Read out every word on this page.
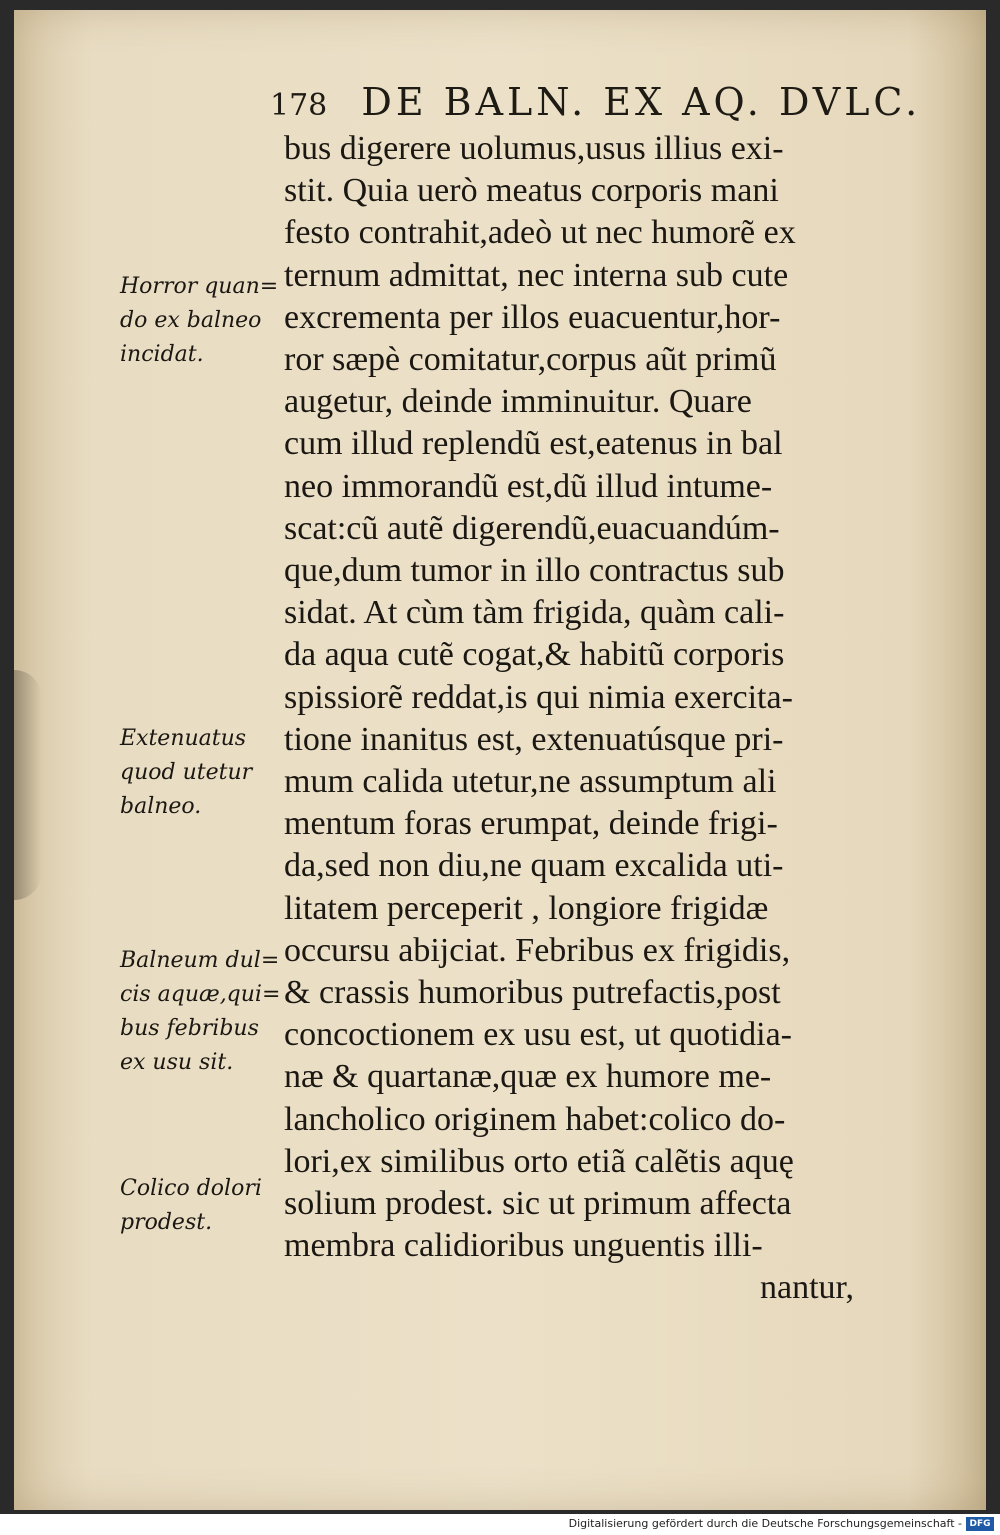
178 DE BALN. EX AQ. DVLC.
bus digerere uolumus,usus illius exi-
stit. Quia uerò meatus corporis mani
festo contrahit,adeò ut nec humorẽ ex
ternum admittat, nec interna sub cute
excrementa per illos euacuentur,hor-
ror sæpè comitatur,corpus aũt primũ
augetur, deinde imminuitur. Quare
cum illud replendũ est,eatenus in bal
neo immorandũ est,dũ illud intume-
scat:cũ autẽ digerendũ,euacuandúm-
que,dum tumor in illo contractus sub
sidat. At cùm tàm frigida, quàm cali-
da aqua cutẽ cogat,& habitũ corporis
spissiorẽ reddat,is qui nimia exercita-
tione inanitus est, extenuatúsque pri-
mum calida utetur,ne assumptum ali
mentum foras erumpat, deinde frigi-
da,sed non diu,ne quam excalida uti-
litatem perceperit , longiore frigidæ
occursu abijciat. Febribus ex frigidis,
& crassis humoribus putrefactis,post
concoctionem ex usu est, ut quotidia-
næ & quartanæ,quæ ex humore me-
lancholico originem habet:colico do-
lori,ex similibus orto etiã calẽtis aquę
solium prodest. sic ut primum affecta
membra calidioribus unguentis illi-
nantur,
Horror quan=
do ex balneo
incidat.
Extenuatus
quod utetur
balneo.
Balneum dul=
cis aquæ,qui=
bus febribus
ex usu sit.
Colico dolori
prodest.
Digitalisierung gefördert durch die Deutsche Forschungsgemeinschaft - DFG
